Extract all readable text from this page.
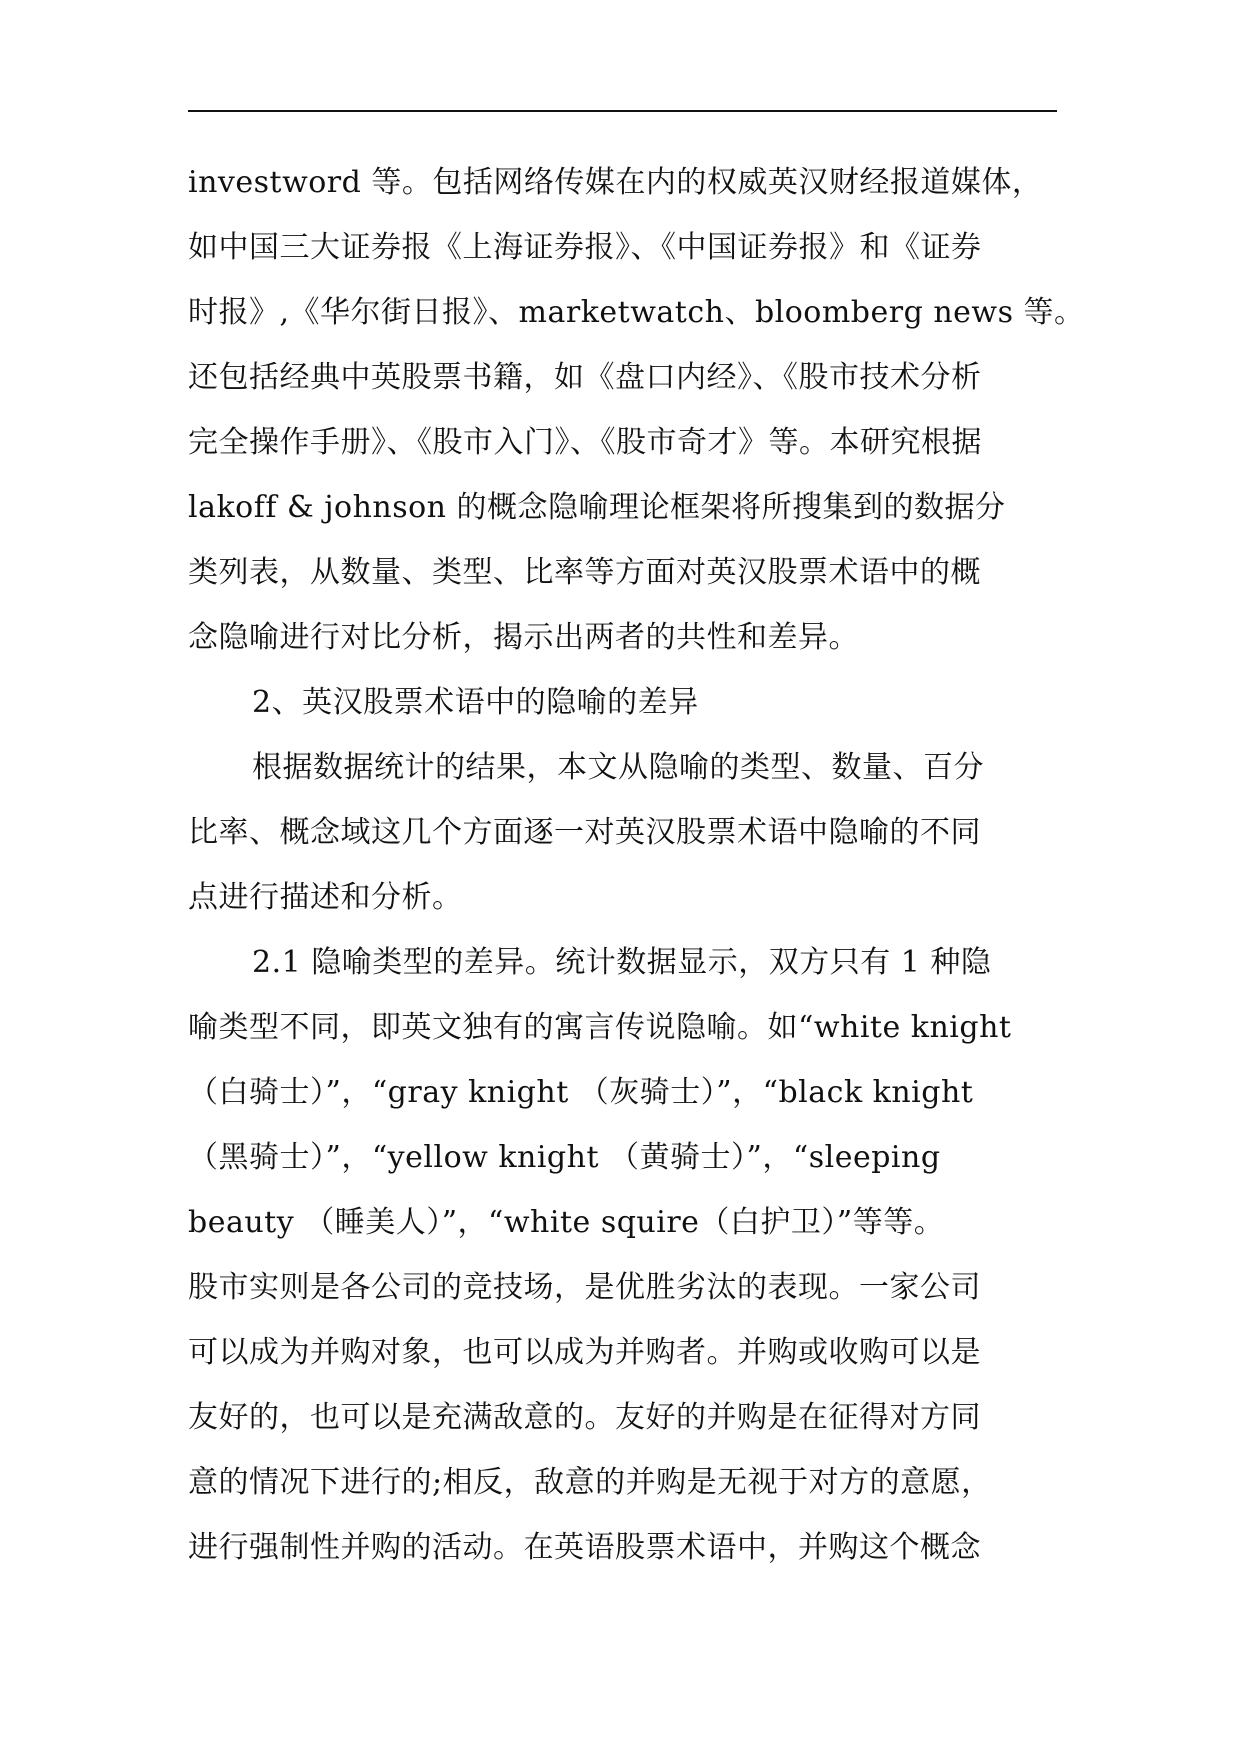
investword 等。包括网络传媒在内的权威英汉财经报道媒体，
如中国三大证券报《上海证券报》、《中国证券报》和《证券
时报》,《华尔街日报》、marketwatch、bloomberg news 等。
还包括经典中英股票书籍，如《盘口内经》、《股市技术分析
完全操作手册》、《股市入门》、《股市奇才》等。本研究根据
lakoff & johnson 的概念隐喻理论框架将所搜集到的数据分
类列表，从数量、类型、比率等方面对英汉股票术语中的概
念隐喻进行对比分析，揭示出两者的共性和差异。
2、英汉股票术语中的隐喻的差异
根据数据统计的结果，本文从隐喻的类型、数量、百分
比率、概念域这几个方面逐一对英汉股票术语中隐喻的不同
点进行描述和分析。
2.1 隐喻类型的差异。统计数据显示，双方只有 1 种隐
喻类型不同，即英文独有的寓言传说隐喻。如“white knight
（白骑士）”，“gray knight （灰骑士）”，“black knight
（黑骑士）”，“yellow knight （黄骑士）”，“sleeping
beauty （睡美人）”，“white squire（白护卫）”等等。
股市实则是各公司的竞技场，是优胜劣汰的表现。一家公司
可以成为并购对象，也可以成为并购者。并购或收购可以是
友好的，也可以是充满敌意的。友好的并购是在征得对方同
意的情况下进行的;相反，敌意的并购是无视于对方的意愿，
进行强制性并购的活动。在英语股票术语中，并购这个概念
